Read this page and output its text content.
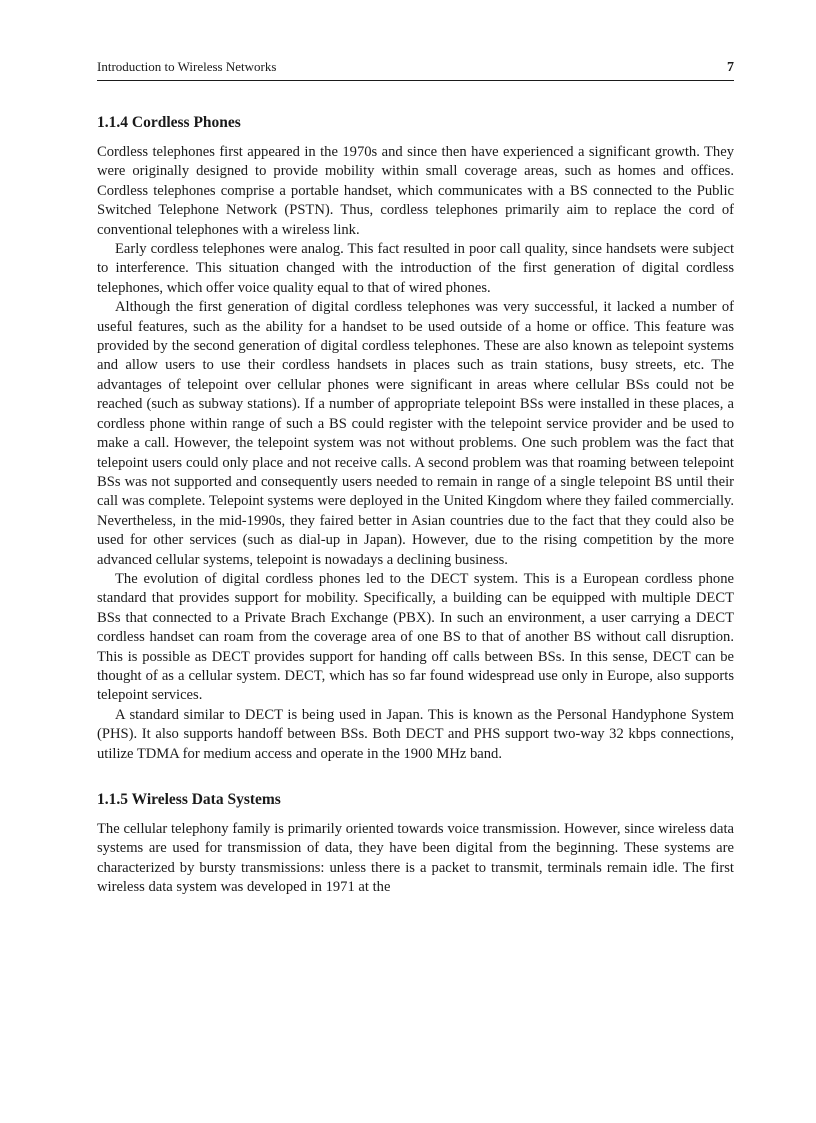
Introduction to Wireless Networks	7
1.1.4 Cordless Phones

Cordless telephones first appeared in the 1970s and since then have experienced a significant growth. They were originally designed to provide mobility within small coverage areas, such as homes and offices. Cordless telephones comprise a portable handset, which communicates with a BS connected to the Public Switched Telephone Network (PSTN). Thus, cordless telephones primarily aim to replace the cord of conventional telephones with a wireless link.

Early cordless telephones were analog. This fact resulted in poor call quality, since handsets were subject to interference. This situation changed with the introduction of the first generation of digital cordless telephones, which offer voice quality equal to that of wired phones.

Although the first generation of digital cordless telephones was very successful, it lacked a number of useful features, such as the ability for a handset to be used outside of a home or office. This feature was provided by the second generation of digital cordless telephones. These are also known as telepoint systems and allow users to use their cordless handsets in places such as train stations, busy streets, etc. The advantages of telepoint over cellular phones were significant in areas where cellular BSs could not be reached (such as subway stations). If a number of appropriate telepoint BSs were installed in these places, a cordless phone within range of such a BS could register with the telepoint service provider and be used to make a call. However, the telepoint system was not without problems. One such problem was the fact that telepoint users could only place and not receive calls. A second problem was that roaming between telepoint BSs was not supported and consequently users needed to remain in range of a single telepoint BS until their call was complete. Telepoint systems were deployed in the United Kingdom where they failed commercially. Nevertheless, in the mid-1990s, they faired better in Asian countries due to the fact that they could also be used for other services (such as dial-up in Japan). However, due to the rising competition by the more advanced cellular systems, telepoint is nowadays a declining business.

The evolution of digital cordless phones led to the DECT system. This is a European cordless phone standard that provides support for mobility. Specifically, a building can be equipped with multiple DECT BSs that connected to a Private Brach Exchange (PBX). In such an environment, a user carrying a DECT cordless handset can roam from the coverage area of one BS to that of another BS without call disruption. This is possible as DECT provides support for handing off calls between BSs. In this sense, DECT can be thought of as a cellular system. DECT, which has so far found widespread use only in Europe, also supports telepoint services.

A standard similar to DECT is being used in Japan. This is known as the Personal Handyphone System (PHS). It also supports handoff between BSs. Both DECT and PHS support two-way 32 kbps connections, utilize TDMA for medium access and operate in the 1900 MHz band.

1.1.5 Wireless Data Systems

The cellular telephony family is primarily oriented towards voice transmission. However, since wireless data systems are used for transmission of data, they have been digital from the beginning. These systems are characterized by bursty transmissions: unless there is a packet to transmit, terminals remain idle. The first wireless data system was developed in 1971 at the
